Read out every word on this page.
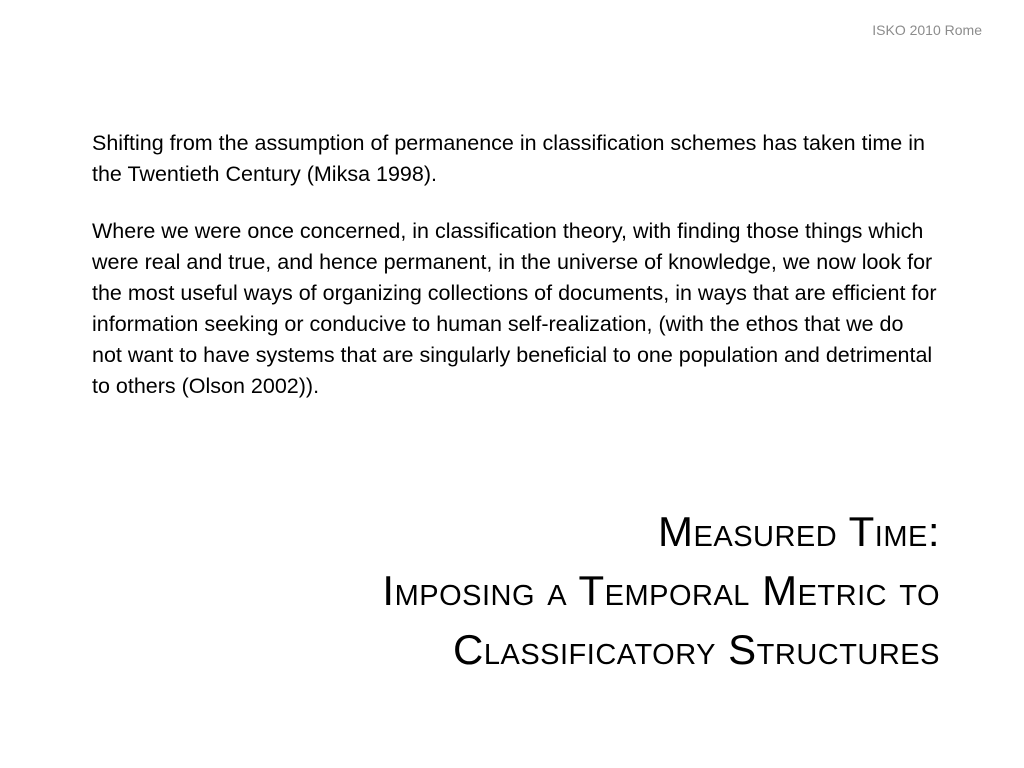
ISKO 2010 Rome

Shifting from the assumption of permanence in classification schemes has taken time in the Twentieth Century (Miksa 1998).

Where we were once concerned, in classification theory, with finding those things which were real and true, and hence permanent, in the universe of knowledge, we now look for the most useful ways of organizing collections of documents, in ways that are efficient for information seeking or conducive to human self-realization, (with the ethos that we do not want to have systems that are singularly beneficial to one population and detrimental to others (Olson 2002)).

Measured Time:
Imposing a Temporal Metric to
Classificatory Structures
